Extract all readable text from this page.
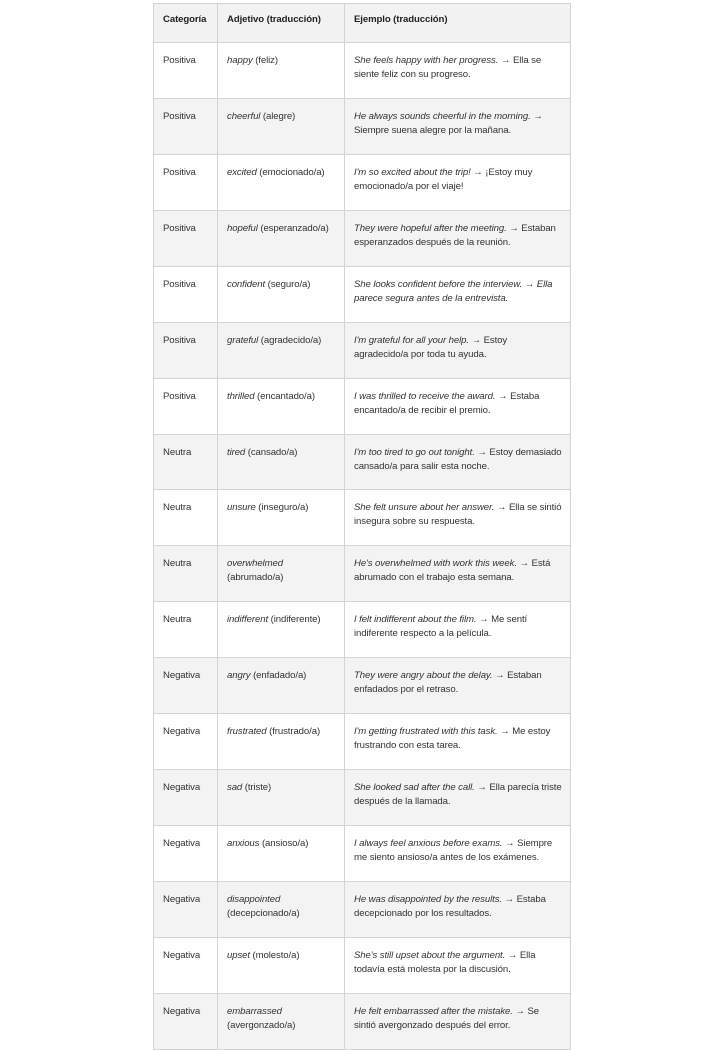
Categoría	Adjetivo (traducción)	Ejemplo (traducción)
Positiva	happy (feliz)	She feels happy with her progress. → Ella se siente feliz con su progreso.
Positiva	cheerful (alegre)	He always sounds cheerful in the morning. → Siempre suena alegre por la mañana.
Positiva	excited (emocionado/a)	I'm so excited about the trip! → ¡Estoy muy emocionado/a por el viaje!
Positiva	hopeful (esperanzado/a)	They were hopeful after the meeting. → Estaban esperanzados después de la reunión.
Positiva	confident (seguro/a)	She looks confident before the interview. → Ella parece segura antes de la entrevista.
Positiva	grateful (agradecido/a)	I'm grateful for all your help. → Estoy agradecido/a por toda tu ayuda.
Positiva	thrilled (encantado/a)	I was thrilled to receive the award. → Estaba encantado/a de recibir el premio.
Neutra	tired (cansado/a)	I'm too tired to go out tonight. → Estoy demasiado cansado/a para salir esta noche.
Neutra	unsure (inseguro/a)	She felt unsure about her answer. → Ella se sintió insegura sobre su respuesta.
Neutra	overwhelmed (abrumado/a)	He's overwhelmed with work this week. → Está abrumado con el trabajo esta semana.
Neutra	indifferent (indiferente)	I felt indifferent about the film. → Me sentí indiferente respecto a la película.
Negativa	angry (enfadado/a)	They were angry about the delay. → Estaban enfadados por el retraso.
Negativa	frustrated (frustrado/a)	I'm getting frustrated with this task. → Me estoy frustrando con esta tarea.
Negativa	sad (triste)	She looked sad after the call. → Ella parecía triste después de la llamada.
Negativa	anxious (ansioso/a)	I always feel anxious before exams. → Siempre me siento ansioso/a antes de los exámenes.
Negativa	disappointed (decepcionado/a)	He was disappointed by the results. → Estaba decepcionado por los resultados.
Negativa	upset (molesto/a)	She's still upset about the argument. → Ella todavía está molesta por la discusión.
Negativa	embarrassed (avergonzado/a)	He felt embarrassed after the mistake. → Se sintió avergonzado después del error.
